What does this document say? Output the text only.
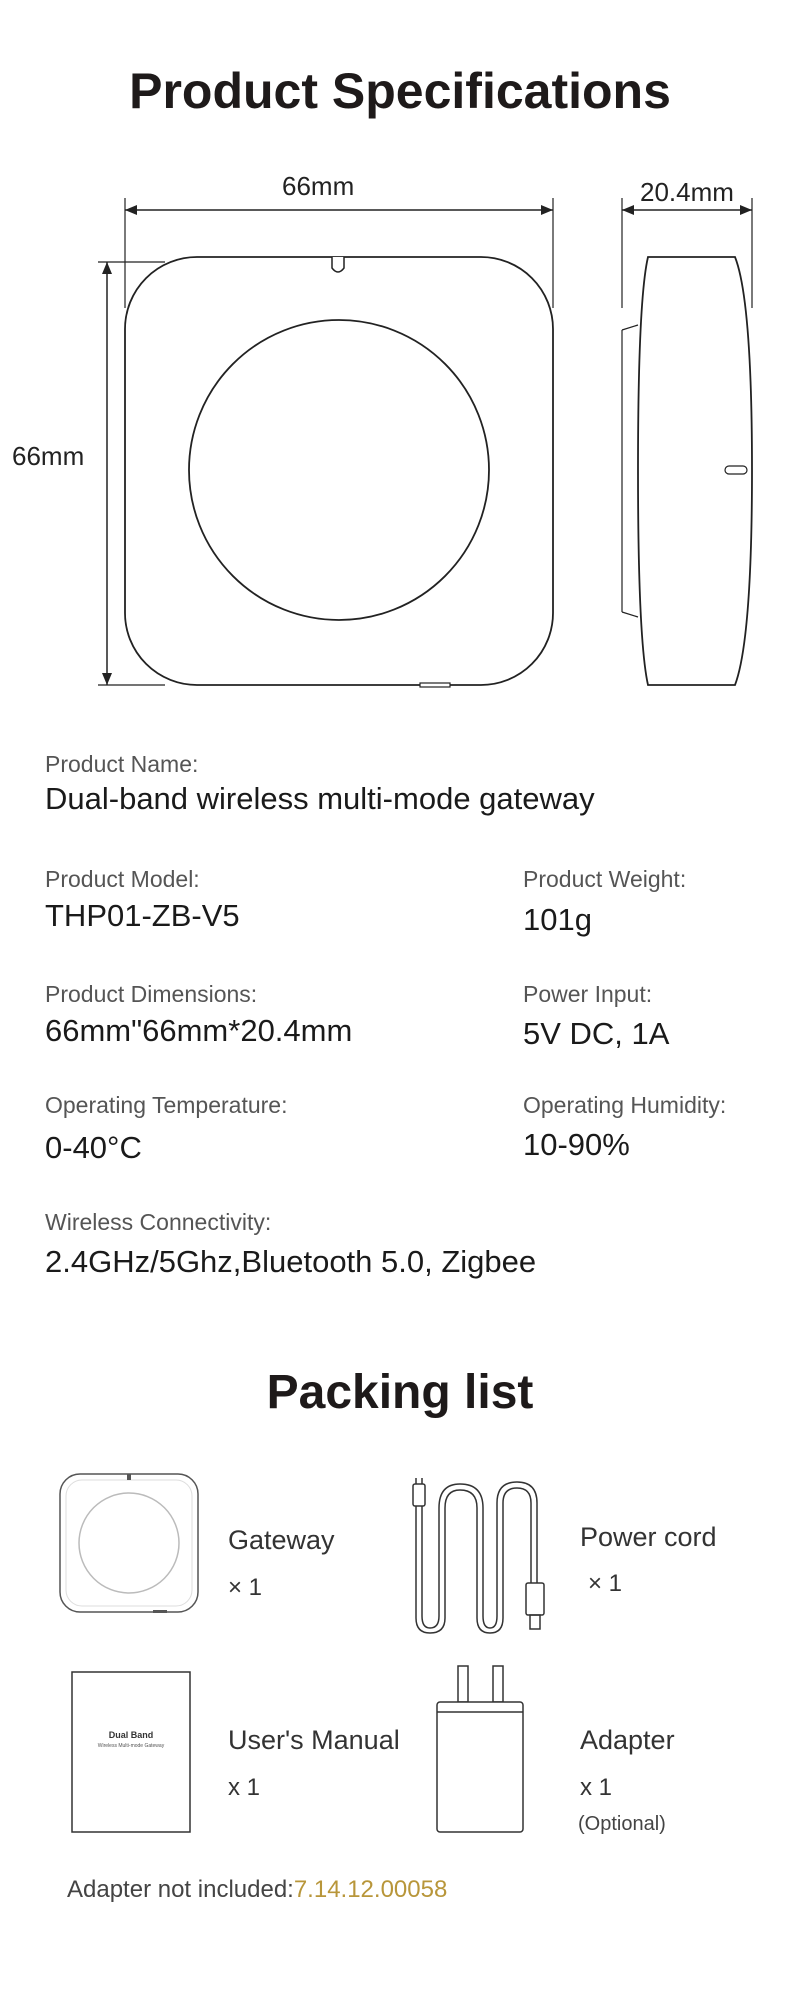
Product Specifications
66mm
66mm
20.4mm
Product Name:
Dual-band wireless multi-mode gateway
Product Model:
THP01-ZB-V5
Product Weight:
101g
Product Dimensions:
66mm"66mm*20.4mm
Power Input:
5V DC, 1A
Operating Temperature:
0-40°C
Operating Humidity:
10-90%
Wireless Connectivity:
2.4GHz/5Ghz,Bluetooth 5.0, Zigbee
Packing list
Gateway
× 1
Power cord
× 1
Dual Band
Wireless Multi-mode Gateway	User's Manual
x 1
Adapter
x 1
(Optional)
Adapter not included:7.14.12.00058
